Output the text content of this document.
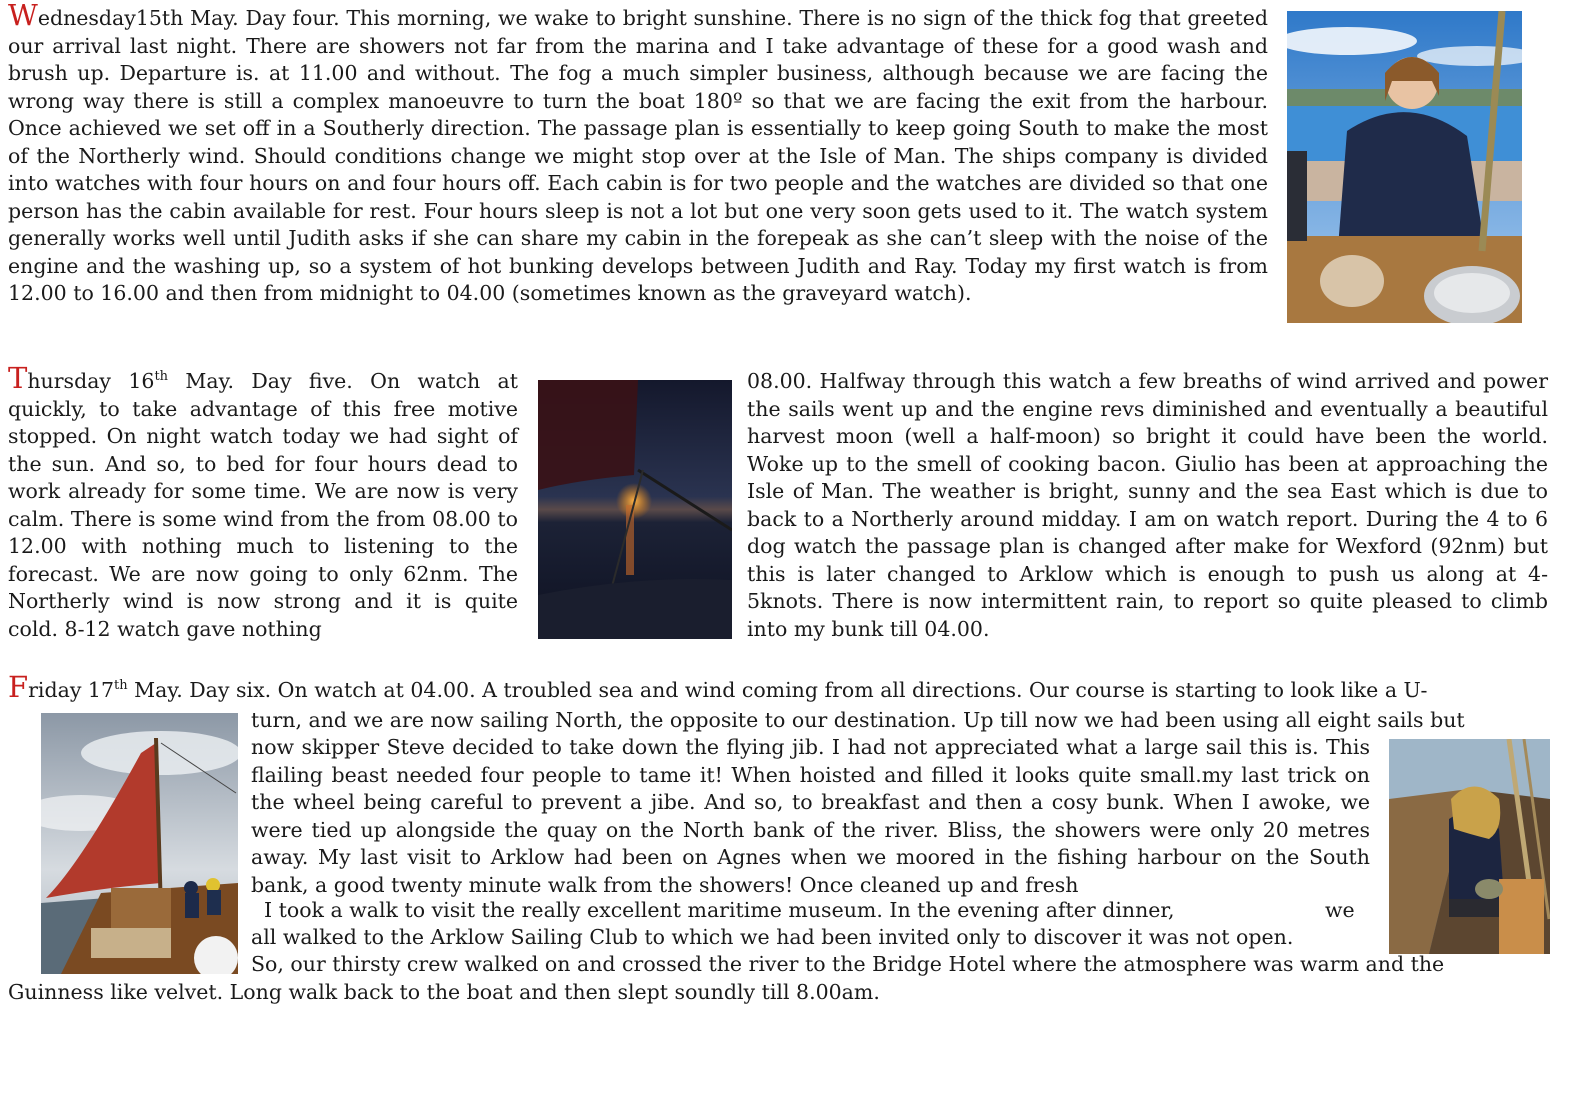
Wednesday15th May. Day four. This morning, we wake to bright sunshine. There is no sign of the thick fog that greeted our arrival last night. There are showers not far from the marina and I take advantage of these for a good wash and brush up. Departure is. at 11.00 and without. The fog a much simpler business, although because we are facing the wrong way there is still a complex manoeuvre to turn the boat 180º so that we are facing the exit from the harbour. Once achieved we set off in a Southerly direction. The passage plan is essentially to keep going South to make the most of the Northerly wind. Should conditions change we might stop over at the Isle of Man. The ships company is divided into watches with four hours on and four hours off. Each cabin is for two people and the watches are divided so that one person has the cabin available for rest. Four hours sleep is not a lot but one very soon gets used to it. The watch system generally works well until Judith asks if she can share my cabin in the forepeak as she can’t sleep with the noise of the engine and the washing up, so a system of hot bunking develops between Judith and Ray. Today my first watch is from 12.00 to 16.00 and then from midnight to 04.00 (sometimes known as the graveyard watch).

Thursday 16th May. Day five. On watch at quickly, to take advantage of this free motive stopped. On night watch today we had sight of the sun. And so, to bed for four hours dead to work already for some time. We are now is very calm. There is some wind from the from 08.00 to 12.00 with nothing much to listening to the forecast. We are now going to only 62nm. The Northerly wind is now strong and it is quite cold. 8-12 watch gave nothing

08.00. Halfway through this watch a few breaths of wind arrived and power the sails went up and the engine revs diminished and eventually a beautiful harvest moon (well a half-moon) so bright it could have been the world. Woke up to the smell of cooking bacon. Giulio has been at approaching the Isle of Man. The weather is bright, sunny and the sea East which is due to back to a Northerly around midday. I am on watch report. During the 4 to 6 dog watch the passage plan is changed after make for Wexford (92nm) but this is later changed to Arklow which is enough to push us along at 4-5knots. There is now intermittent rain, to report so quite pleased to climb into my bunk till 04.00.

Friday 17th May. Day six. On watch at 04.00. A troubled sea and wind coming from all directions. Our course is starting to look like a U-
turn, and we are now sailing North, the opposite to our destination. Up till now we had been using all eight sails but

now skipper Steve decided to take down the flying jib. I had not appreciated what a large sail this is. This flailing beast needed four people to tame it! When hoisted and filled it looks quite small.my last trick on the wheel being careful to prevent a jibe. And so, to breakfast and then a cosy bunk. When I awoke, we were tied up alongside the quay on the North bank of the river. Bliss, the showers were only 20 metres away. My last visit to Arklow had been on Agnes when we moored in the fishing harbour on the South bank, a good twenty minute walk from the showers! Once cleaned up and fresh

I took a walk to visit the really excellent maritime museum. In the evening after dinner,	we
all walked to the Arklow Sailing Club to which we had been invited only to discover it was not open.
So, our thirsty crew walked on and crossed the river to the Bridge Hotel where the atmosphere was warm and the
Guinness like velvet. Long walk back to the boat and then slept soundly till 8.00am.
